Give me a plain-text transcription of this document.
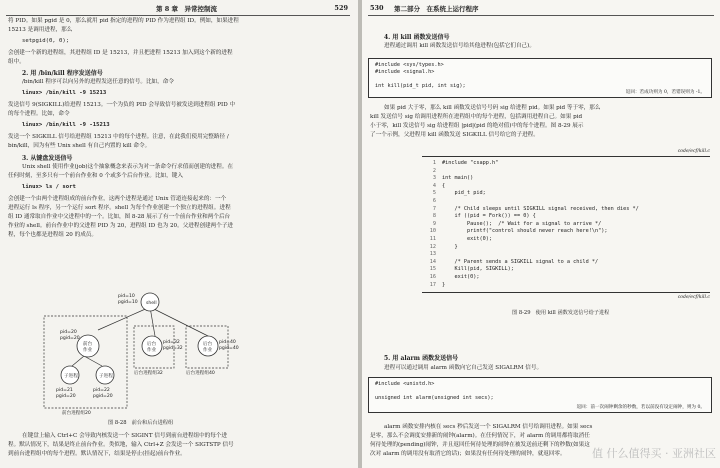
第 8 章　异常控制流	529
将 PID。如果 pgid 是 0，那么就用 pid 指定的进程的 PID 作为进程组 ID。例如，如果进程
15213 是调用进程，那么
setpgid(0, 0);
会创建一个新的进程组，其进程组 ID 是 15213，并且把进程 15213 加入到这个新的进程
组中。
2. 用 /bin/kill 程序发送信号
/bin/kill 程序可以向另外的进程发送任意的信号。比如，命令
linux> /bin/kill -9 15213
发送信号 9(SIGKILL)给进程 15213。一个为负的 PID 会导致信号被发送到进程组 PID 中
的每个进程。比如，命令
linux> /bin/kill -9 -15213
发送一个 SIGKILL 信号给进程组 15213 中的每个进程。注意，在此我们使用完整路径 /
bin/kill，因为有些 Unix shell 有自己内置的 kill 命令。
3. 从键盘发送信号
Unix shell 使用作业(job)这个抽象概念来表示为对一条命令行求值而创建的进程。在
任何时刻，至多只有一个前台作业和 0 个或多个后台作业。比如，键入
linux> ls / sort
会创建一个由两个进程组成的前台作业，这两个进程是通过 Unix 管道连接起来的：一个
进程运行 ls 程序，另一个运行 sort 程序。shell 为每个作业创建一个独立的进程组。进程
组 ID 通常取自作业中父进程中的一个。比如，图 8-28 展示了有一个前台作业和两个后台
作业的 shell。前台作业中的父进程 PID 为 20，进程组 ID 也为 20。父进程创建两个子进
程，每个也都是进程组 20 的成员。
shell
pid=10
pgid=10
pid=20
pgid=20
前台
作业
后台
作业
pid=32
pgid=32
后台
作业
pid=40
pgid=40
子进程	子进程
pid=21
pgid=20
pid=22
pgid=20
前台进程组20
后台进程组32	后台进程组40
图 8-28　前台和后台进程组
在键盘上输入 Ctrl+C 会导致内核发送一个 SIGINT 信号到前台进程组中的每个进
程。默认情况下，结果是终止前台作业。类似地，输入 Ctrl+Z 会发送一个 SIGTSTP 信号
到前台进程组中的每个进程。默认情况下，结果是停止(挂起)前台作业。
530 第二部分　在系统上运行程序
4. 用 kill 函数发送信号
进程通过调用 kill 函数发送信号给其他进程(包括它们自己)。
#include <sys/types.h>
#include <signal.h>
int kill(pid_t pid, int sig);
返回：若成功则为 0，若错误则为 -1。
如果 pid 大于零，那么 kill 函数发送信号号码 sig 给进程 pid。如果 pid 等于零，那么
kill 发送信号 sig 给调用进程所在进程组中的每个进程，包括调用进程自己。如果 pid
小于零，kill 发送信号 sig 给进程组 |pid|(pid 的绝对值)中的每个进程。图 8-29 展示
了一个示例，父进程用 kill 函数发送 SIGKILL 信号给它的子进程。
code/ecf/kill.c
1 #include "csapp.h"
2
3 int main()
4 {
5 pid_t pid;
6
7 /* Child sleeps until SIGKILL signal received, then dies */
8 if ((pid = Fork()) == 0) {
9 Pause();  /* Wait for a signal to arrive */
10 printf("control should never reach here!\n");
11 exit(0);
12 }
13
14 /* Parent sends a SIGKILL signal to a child */
15 Kill(pid, SIGKILL);
16 exit(0);
17 }
code/ecf/kill.c
图 8-29　使用 kill 函数发送信号给子进程
5. 用 alarm 函数发送信号
进程可以通过调用 alarm 函数向它自己发送 SIGALRM 信号。
#include <unistd.h>
unsigned int alarm(unsigned int secs);
返回：前一次闹钟剩余的秒数，若以前没有设定闹钟，则为 0。
alarm 函数安排内核在 secs 秒后发送一个 SIGALRM 信号给调用进程。如果 secs
是零，那么不会调度安排新的闹钟(alarm)。在任何情况下，对 alarm 的调用都将取消任
何待处理的(pending)闹钟，并且返回任何待处理的闹钟在被发送前还剩下的秒数(如果这
次对 alarm 的调用没有取消它的话)；如果没有任何待处理的闹钟，就返回零。 值 什么值得买 · 亚洲社区
